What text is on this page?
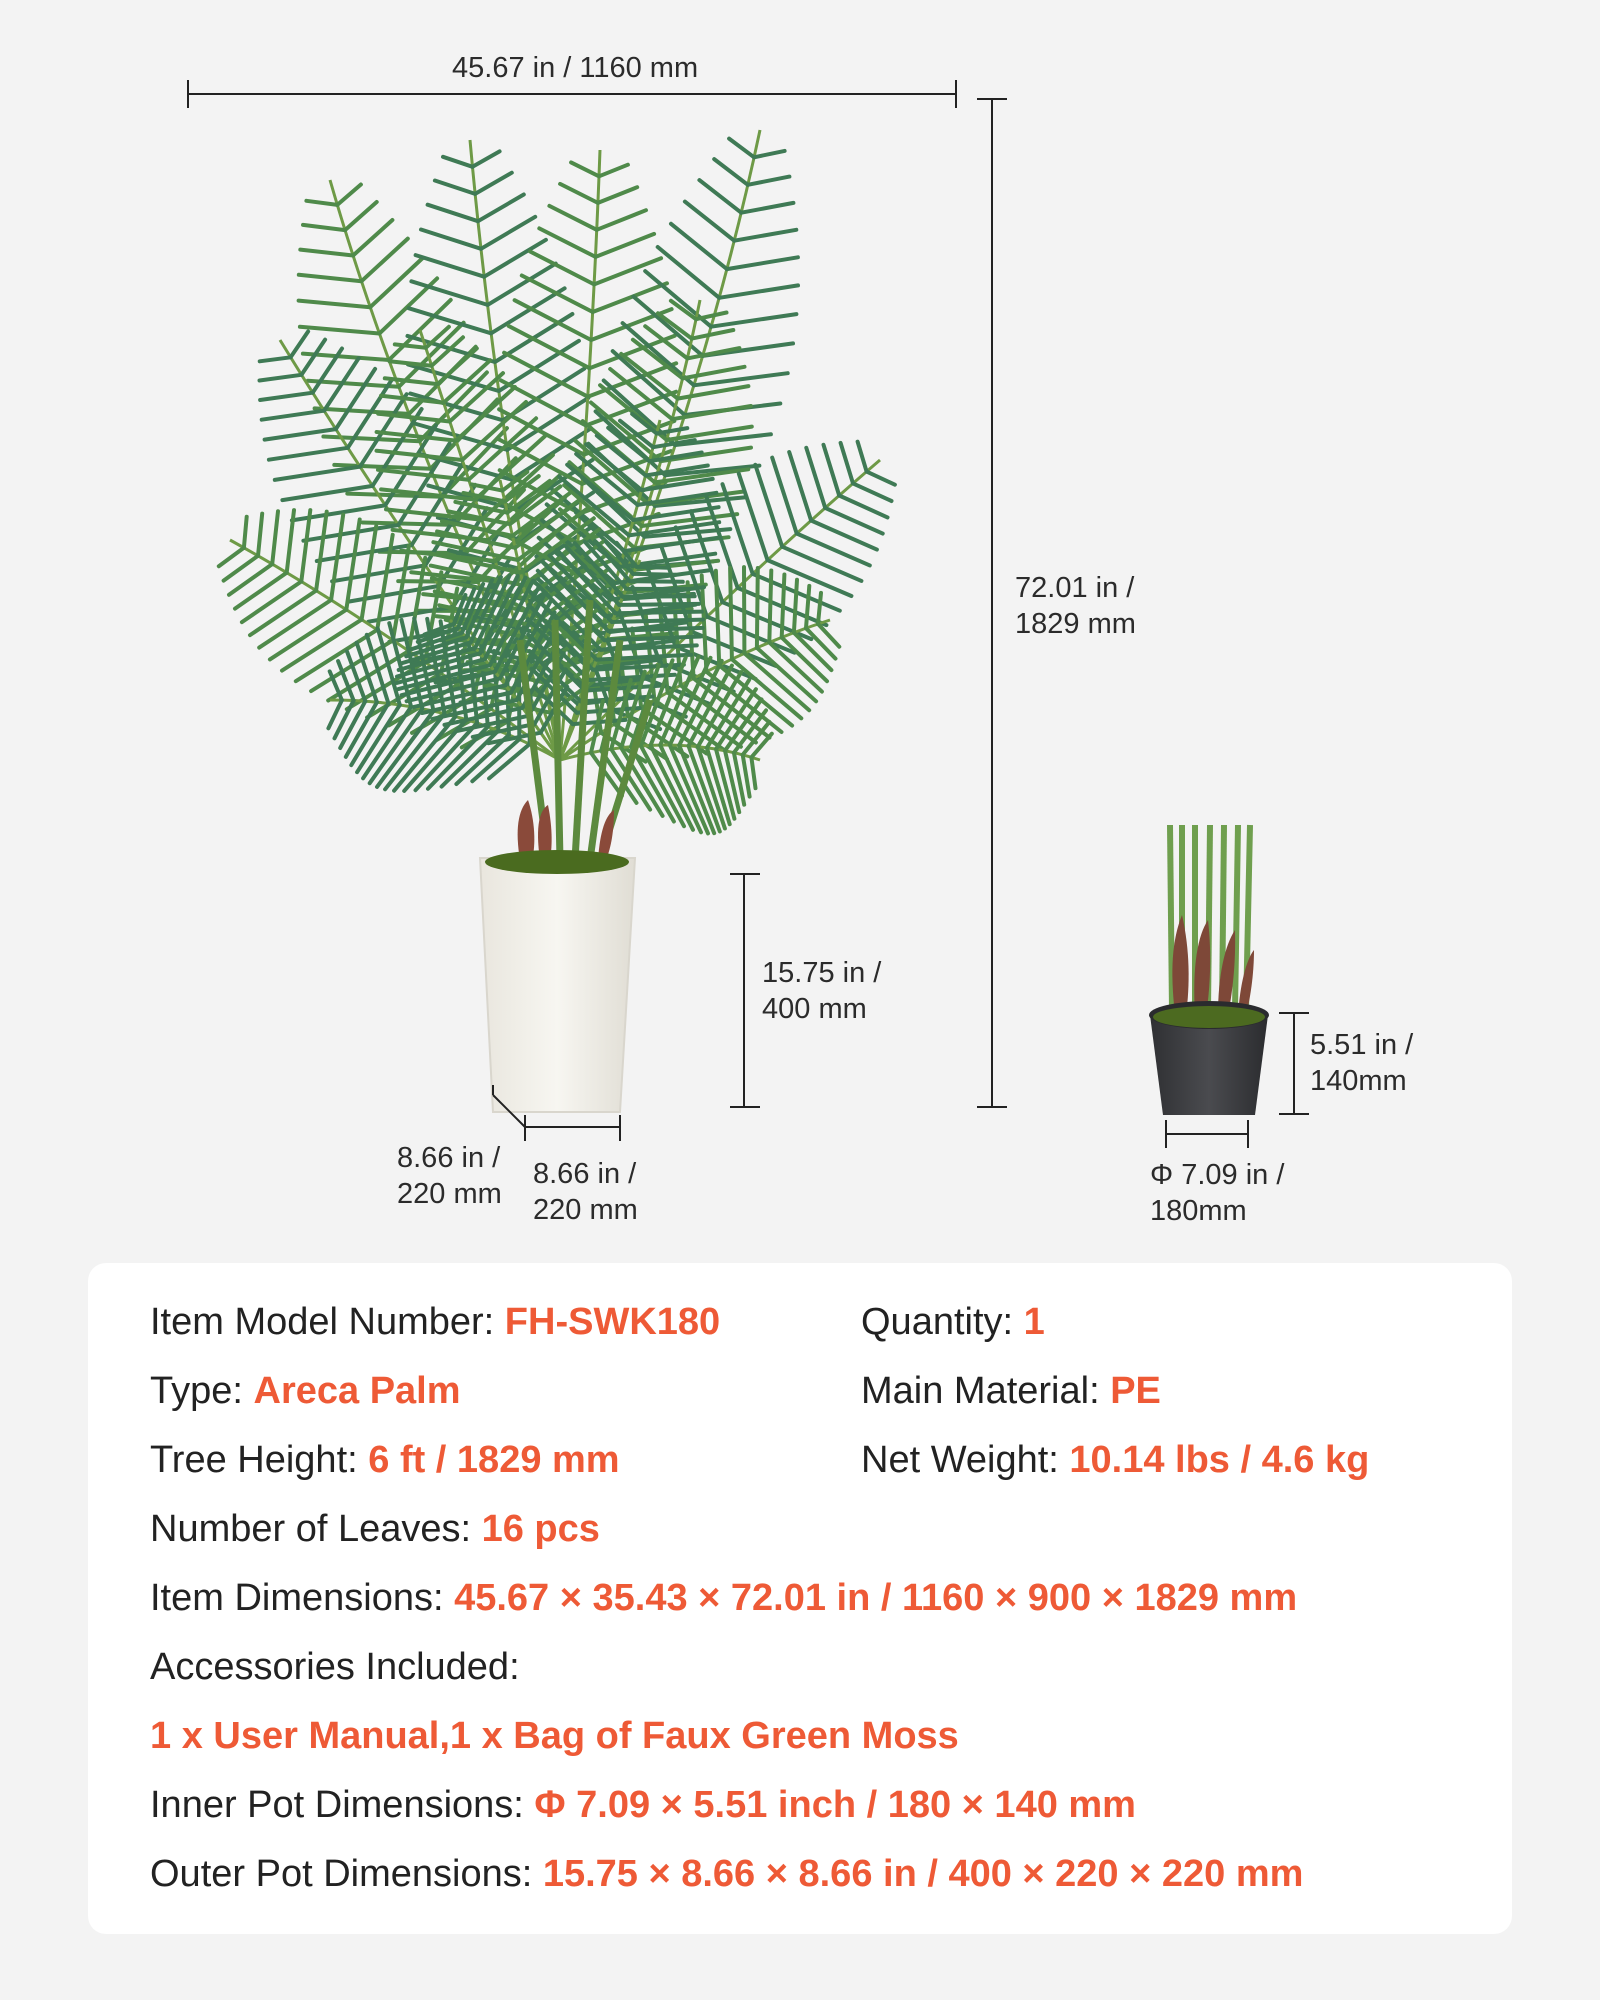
45.67 in / 1160 mm
72.01 in /
1829 mm
15.75 in /
400 mm
8.66 in /
220 mm
8.66 in /
220 mm
5.51 in /
140mm
Φ 7.09 in /
180mm
Item Model Number: FH-SWK180	Quantity: 1
Type: Areca Palm	Main Material: PE
Tree Height: 6 ft / 1829 mm	Net Weight: 10.14 lbs / 4.6 kg
Number of Leaves: 16 pcs
Item Dimensions: 45.67 × 35.43 × 72.01 in / 1160 × 900 × 1829 mm
Accessories Included:
1 x User Manual,1 x Bag of Faux Green Moss
Inner Pot Dimensions: Φ 7.09 × 5.51 inch / 180 × 140 mm
Outer Pot Dimensions: 15.75 × 8.66 × 8.66 in / 400 × 220 × 220 mm
